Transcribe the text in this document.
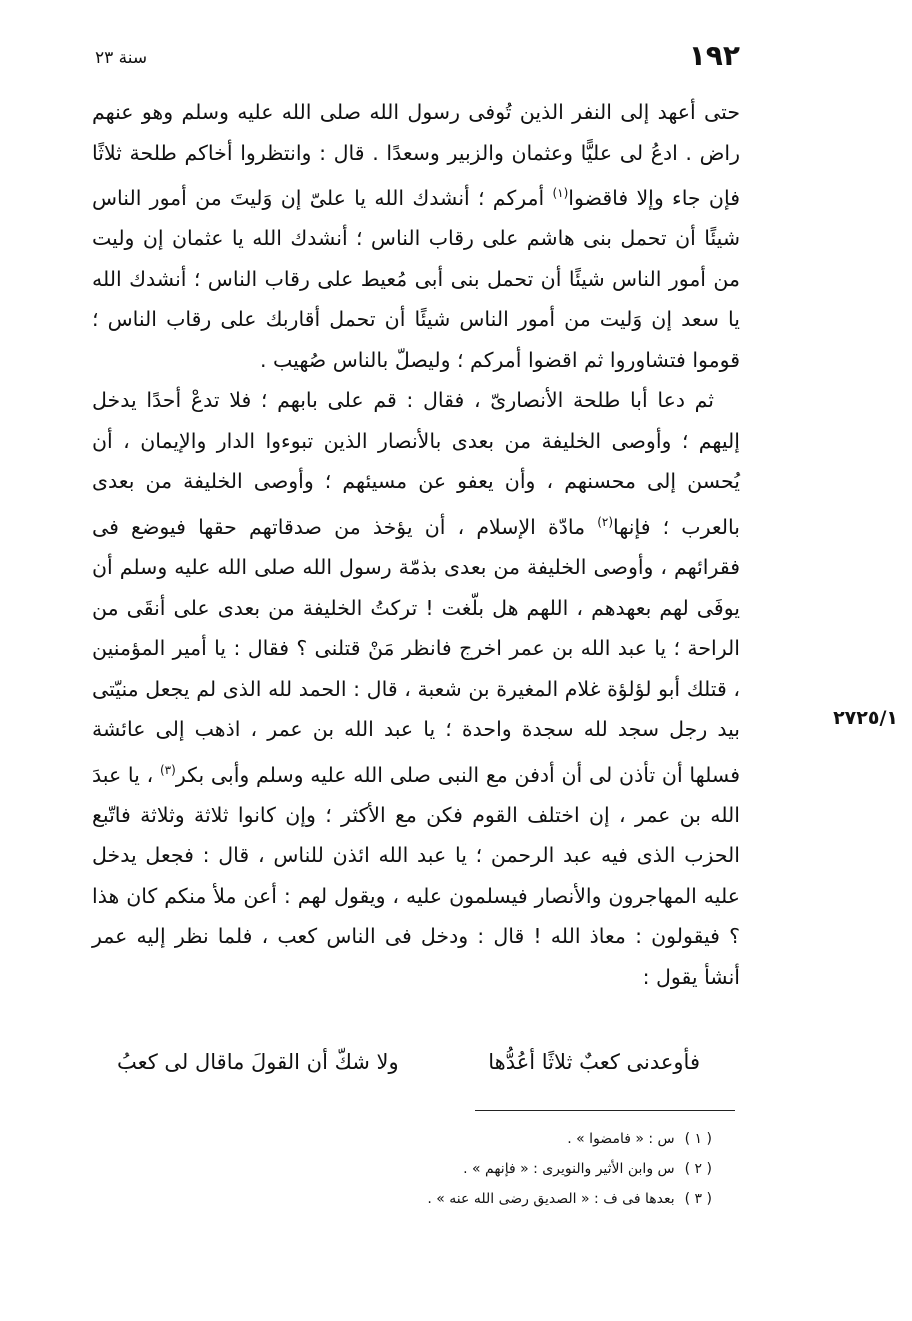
١٩٢
سنة ٢٣

حتى أعهد إلى النفر الذين تُوفى رسول الله صلى الله عليه وسلم وهو عنهم راض . ادعُ لى عليًّا وعثمان والزبير وسعدًا . قال : وانتظروا أخاكم طلحة ثلاثًا فإن جاء وإلا فاقضوا$^{(١)}$ أمركم ؛ أنشدك الله يا علىّ إن وَليتَ من أمور الناس شيئًا أن تحمل بنى هاشم على رقاب الناس ؛ أنشدك الله يا عثمان إن وليت من أمور الناس شيئًا أن تحمل بنى أبى مُعيط على رقاب الناس ؛ أنشدك الله يا سعد إن وَليت من أمور الناس شيئًا أن تحمل أقاربك على رقاب الناس ؛ قوموا فتشاوروا ثم اقضوا أمركم ؛ وليصلّ بالناس صُهيب .

ثم دعا أبا طلحة الأنصارىّ ، فقال : قم على بابهم ؛ فلا تدعْ أحدًا يدخل إليهم ؛ وأوصى الخليفة من بعدى بالأنصار الذين تبوءوا الدار والإيمان ، أن يُحسن إلى محسنهم ، وأن يعفو عن مسيئهم ؛ وأوصى الخليفة من بعدى بالعرب ؛ فإنها$^{(٢)}$ مادّة الإسلام ، أن يؤخذ من صدقاتهم حقها فيوضع فى فقرائهم ، وأوصى الخليفة من بعدى بذمّة رسول الله صلى الله عليه وسلم أن يوفَى لهم بعهدهم ، اللهم هل بلّغت ! تركتُ الخليفة من بعدى على أنقَى من الراحة ؛ يا عبد الله بن عمر اخرج فانظر مَنْ قتلنى ؟ فقال : يا أمير المؤمنين ، قتلك أبو لؤلؤة غلام المغيرة بن شعبة ، قال : الحمد لله الذى لم يجعل منيّتى بيد رجل سجد لله سجدة واحدة ؛ يا عبد الله بن عمر ، اذهب إلى عائشة فسلها أن تأذن لى أن أدفن مع النبى صلى الله عليه وسلم وأبى بكر$^{(٣)}$ ، يا عبدَ الله بن عمر ، إن اختلف القوم فكن مع الأكثر ؛ وإن كانوا ثلاثة وثلاثة فاتّبع الحزب الذى فيه عبد الرحمن ؛ يا عبد الله ائذن للناس ، قال : فجعل يدخل عليه المهاجرون والأنصار فيسلمون عليه ، ويقول لهم : أعن ملأ منكم كان هذا ؟ فيقولون : معاذ الله ! قال : ودخل فى الناس كعب ، فلما نظر إليه عمر أنشأ يقول :

٢٧٢٥/١
فأوعدنى كعبٌ ثلاثًا أعُدُّها
ولا شكّ أن القولَ ماقال لى كعبُ
( ١ )س : « فامضوا » .
( ٢ )س وابن الأثير والنويرى : « فإنهم » .
( ٣ )بعدها فى ف : « الصديق رضى الله عنه » .
